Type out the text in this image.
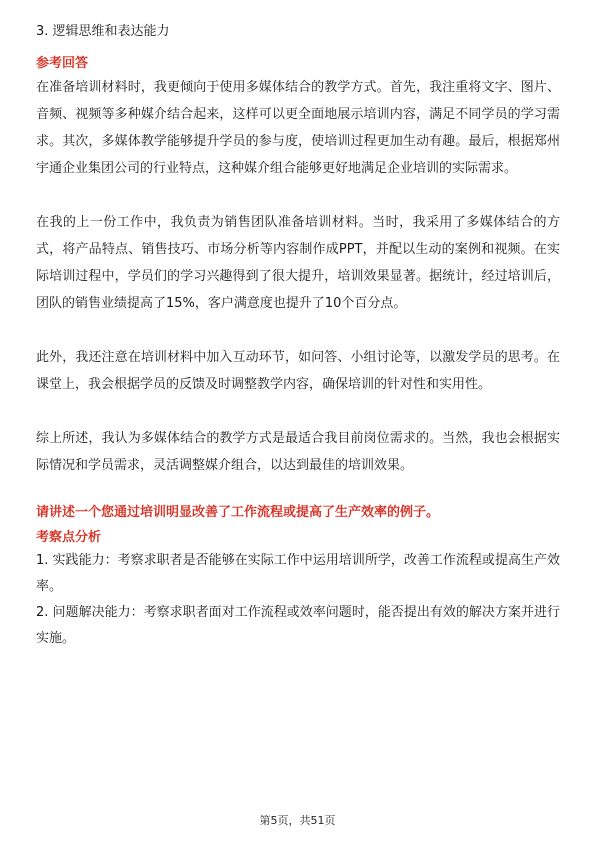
3. 逻辑思维和表达能力

参考回答

在准备培训材料时，我更倾向于使用多媒体结合的教学方式。首先，我注重将文字、图片、音频、视频等多种媒介结合起来，这样可以更全面地展示培训内容，满足不同学员的学习需求。其次，多媒体教学能够提升学员的参与度，使培训过程更加生动有趣。最后，根据郑州宇通企业集团公司的行业特点，这种媒介组合能够更好地满足企业培训的实际需求。

在我的上一份工作中，我负责为销售团队准备培训材料。当时，我采用了多媒体结合的方式，将产品特点、销售技巧、市场分析等内容制作成PPT，并配以生动的案例和视频。在实际培训过程中，学员们的学习兴趣得到了很大提升，培训效果显著。据统计，经过培训后，团队的销售业绩提高了15%，客户满意度也提升了10个百分点。

此外，我还注意在培训材料中加入互动环节，如问答、小组讨论等，以激发学员的思考。在课堂上，我会根据学员的反馈及时调整教学内容，确保培训的针对性和实用性。

综上所述，我认为多媒体结合的教学方式是最适合我目前岗位需求的。当然，我也会根据实际情况和学员需求，灵活调整媒介组合，以达到最佳的培训效果。

请讲述一个您通过培训明显改善了工作流程或提高了生产效率的例子。

考察点分析

1. 实践能力：考察求职者是否能够在实际工作中运用培训所学，改善工作流程或提高生产效率。
2. 问题解决能力：考察求职者面对工作流程或效率问题时，能否提出有效的解决方案并进行实施。
第5页，共51页
